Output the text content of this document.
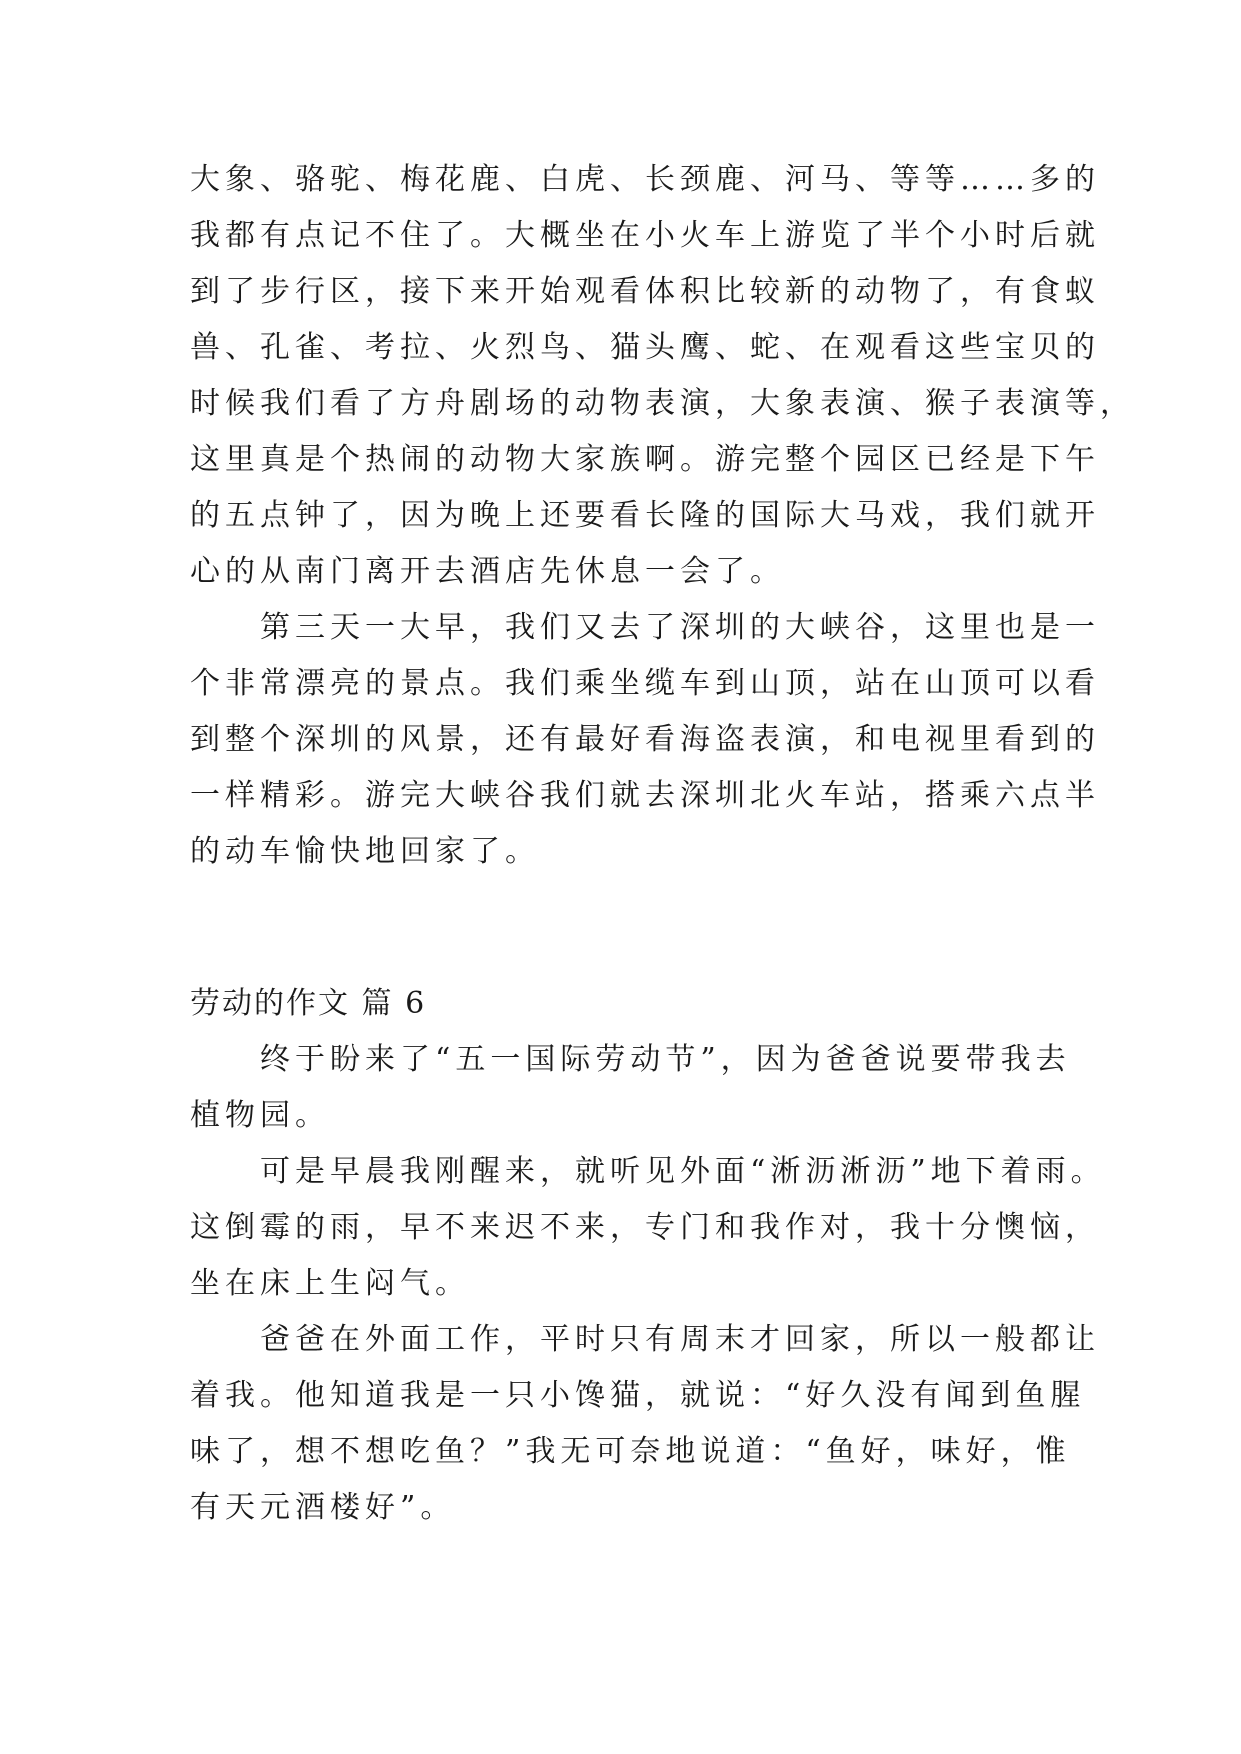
大象、骆驼、梅花鹿、白虎、长颈鹿、河马、等等……多的
我都有点记不住了。大概坐在小火车上游览了半个小时后就
到了步行区，接下来开始观看体积比较新的动物了，有食蚁
兽、孔雀、考拉、火烈鸟、猫头鹰、蛇、在观看这些宝贝的
时候我们看了方舟剧场的动物表演，大象表演、猴子表演等，
这里真是个热闹的动物大家族啊。游完整个园区已经是下午
的五点钟了，因为晚上还要看长隆的国际大马戏，我们就开
心的从南门离开去酒店先休息一会了。
第三天一大早，我们又去了深圳的大峡谷，这里也是一
个非常漂亮的景点。我们乘坐缆车到山顶，站在山顶可以看
到整个深圳的风景，还有最好看海盗表演，和电视里看到的
一样精彩。游完大峡谷我们就去深圳北火车站，搭乘六点半
的动车愉快地回家了。
劳动的作文 篇 6
终于盼来了“五一国际劳动节”，因为爸爸说要带我去
植物园。
可是早晨我刚醒来，就听见外面“淅沥淅沥”地下着雨。
这倒霉的雨，早不来迟不来，专门和我作对，我十分懊恼，
坐在床上生闷气。
爸爸在外面工作，平时只有周末才回家，所以一般都让
着我。他知道我是一只小馋猫，就说：“好久没有闻到鱼腥
味了，想不想吃鱼？”我无可奈地说道：“鱼好，味好，惟
有天元酒楼好”。
